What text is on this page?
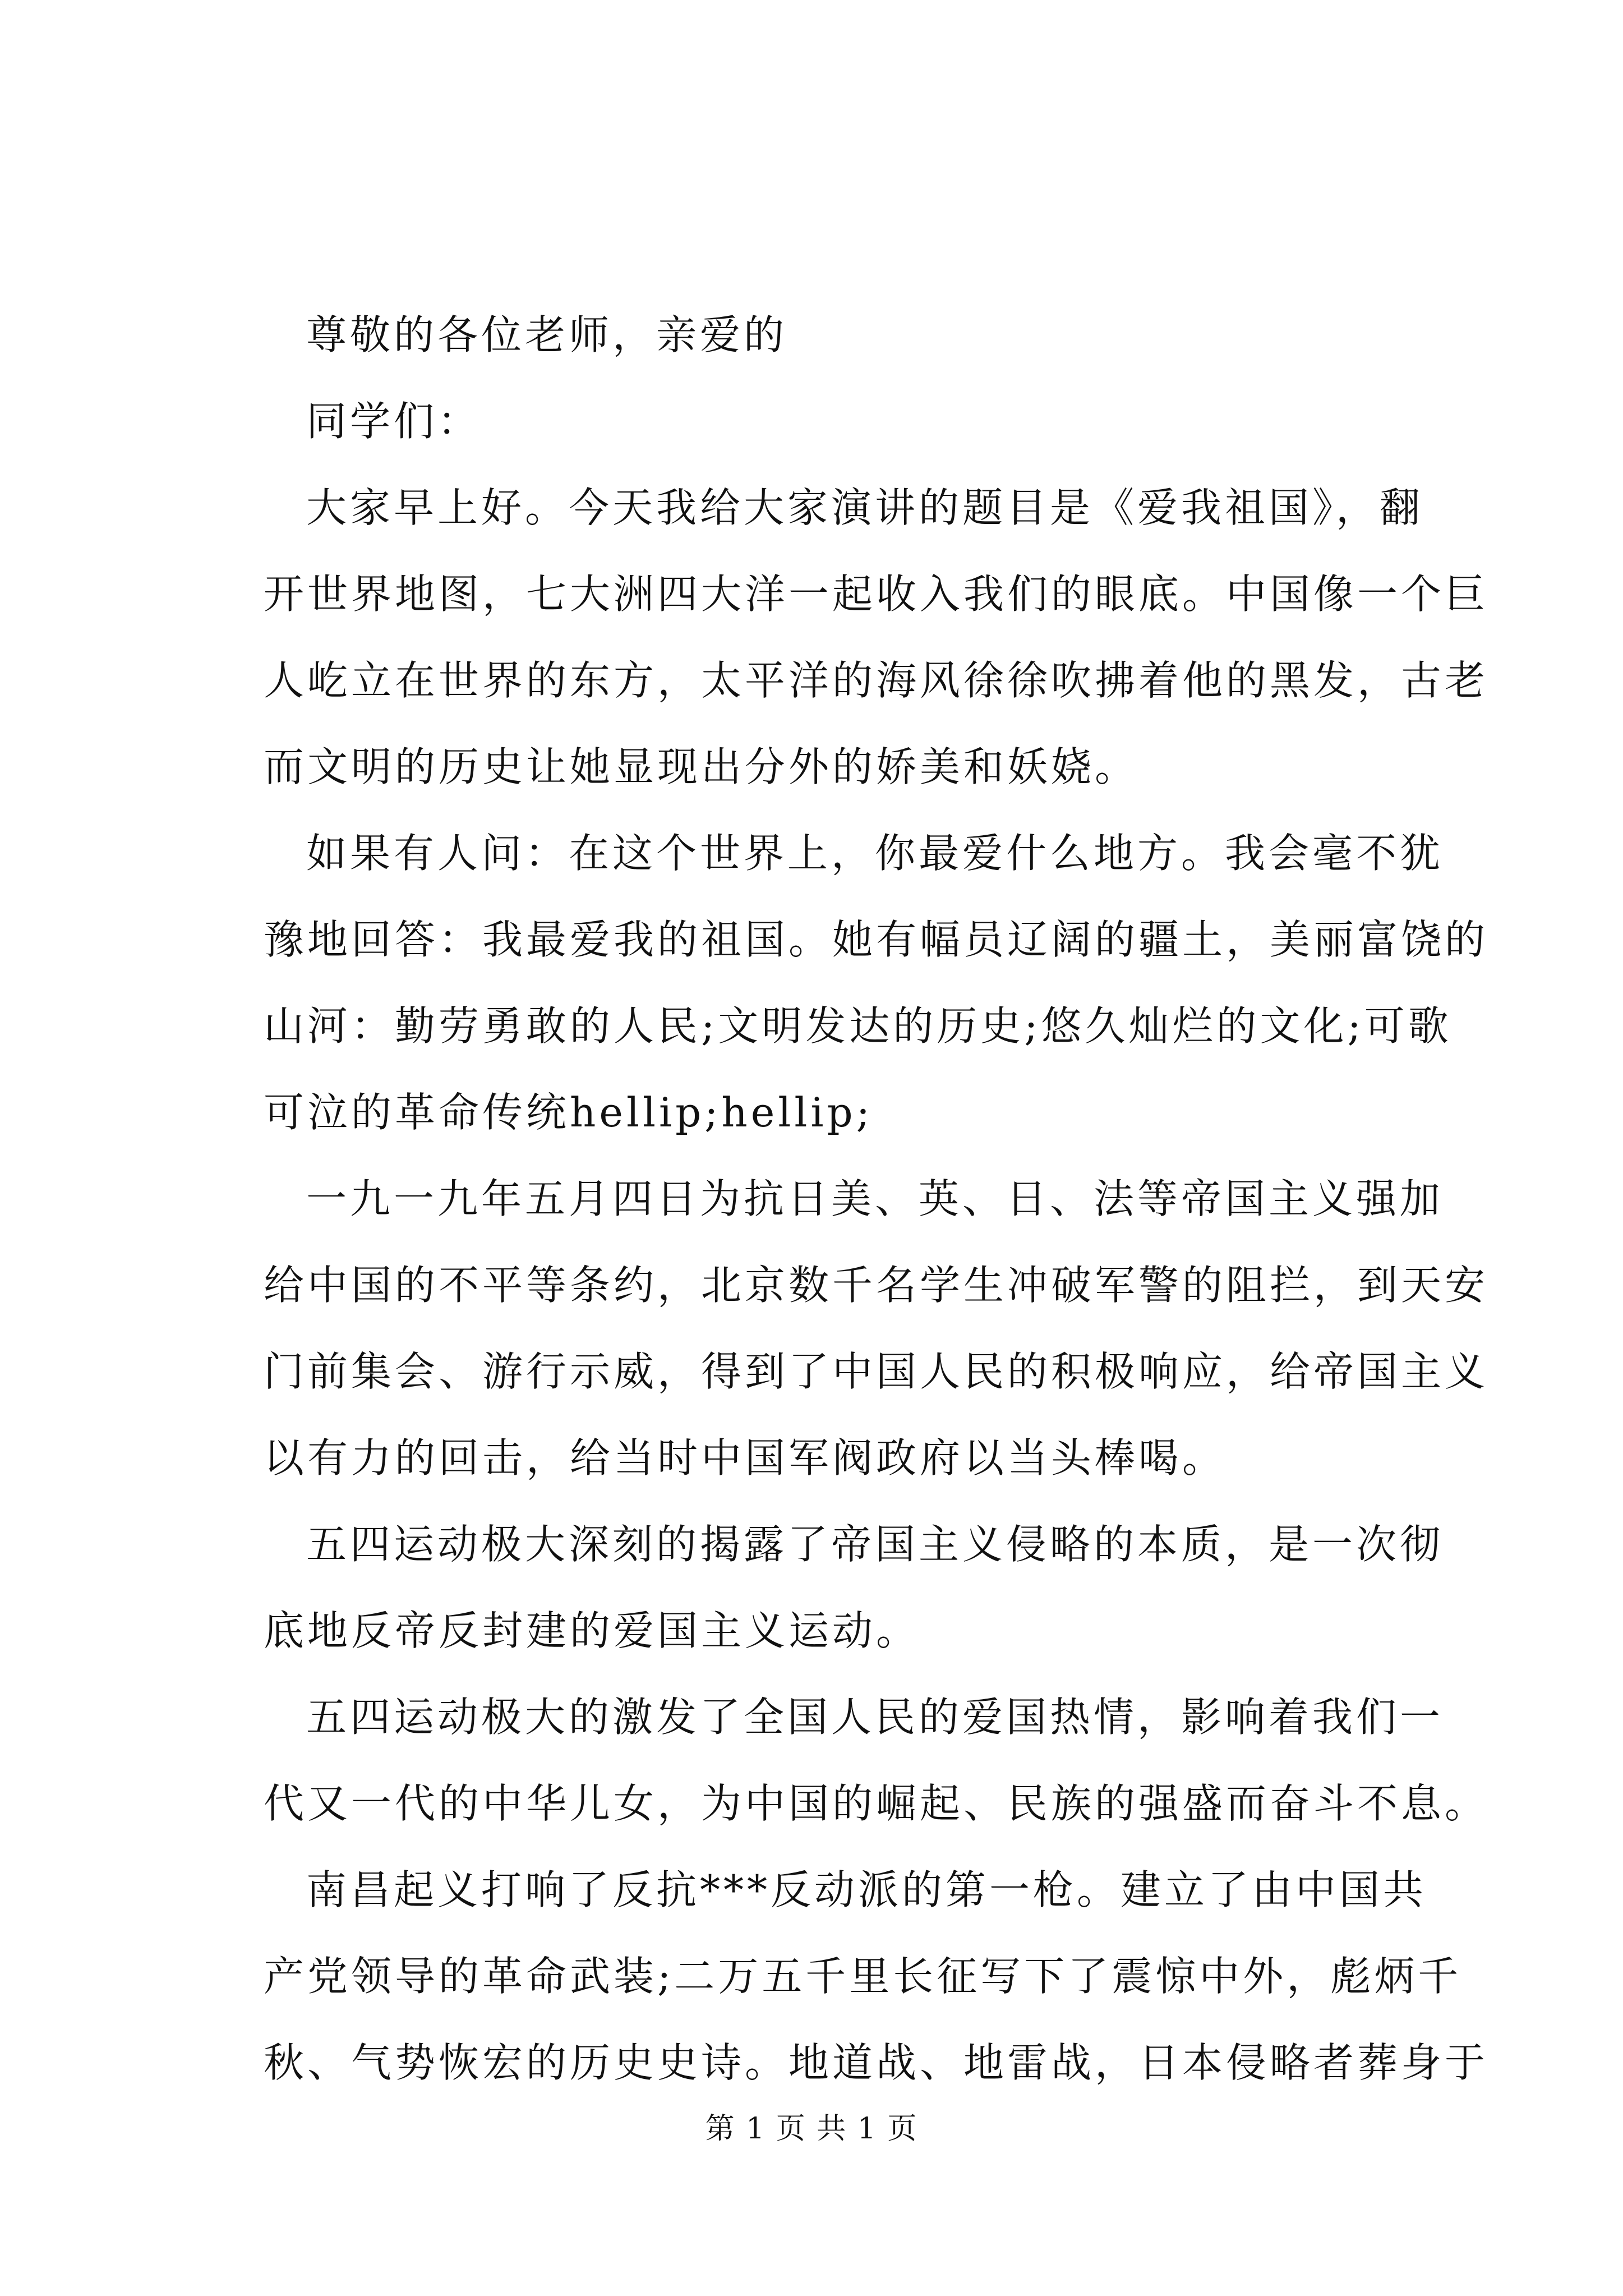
尊敬的各位老师，亲爱的

同学们：

大家早上好。今天我给大家演讲的题目是《爱我祖国》，翻

开世界地图，七大洲四大洋一起收入我们的眼底。中国像一个巨

人屹立在世界的东方，太平洋的海风徐徐吹拂着他的黑发，古老

而文明的历史让她显现出分外的娇美和妖娆。

如果有人问：在这个世界上，你最爱什么地方。我会毫不犹

豫地回答：我最爱我的祖国。她有幅员辽阔的疆土，美丽富饶的

山河：勤劳勇敢的人民;文明发达的历史;悠久灿烂的文化;可歌

可泣的革命传统hellip;hellip;

一九一九年五月四日为抗日美、英、日、法等帝国主义强加

给中国的不平等条约，北京数千名学生冲破军警的阻拦，到天安

门前集会、游行示威，得到了中国人民的积极响应，给帝国主义

以有力的回击，给当时中国军阀政府以当头棒喝。

五四运动极大深刻的揭露了帝国主义侵略的本质，是一次彻

底地反帝反封建的爱国主义运动。

五四运动极大的激发了全国人民的爱国热情，影响着我们一

代又一代的中华儿女，为中国的崛起、民族的强盛而奋斗不息。

南昌起义打响了反抗***反动派的第一枪。建立了由中国共

产党领导的革命武装;二万五千里长征写下了震惊中外，彪炳千

秋、气势恢宏的历史史诗。地道战、地雷战，日本侵略者葬身于

第 1 页 共 1 页
